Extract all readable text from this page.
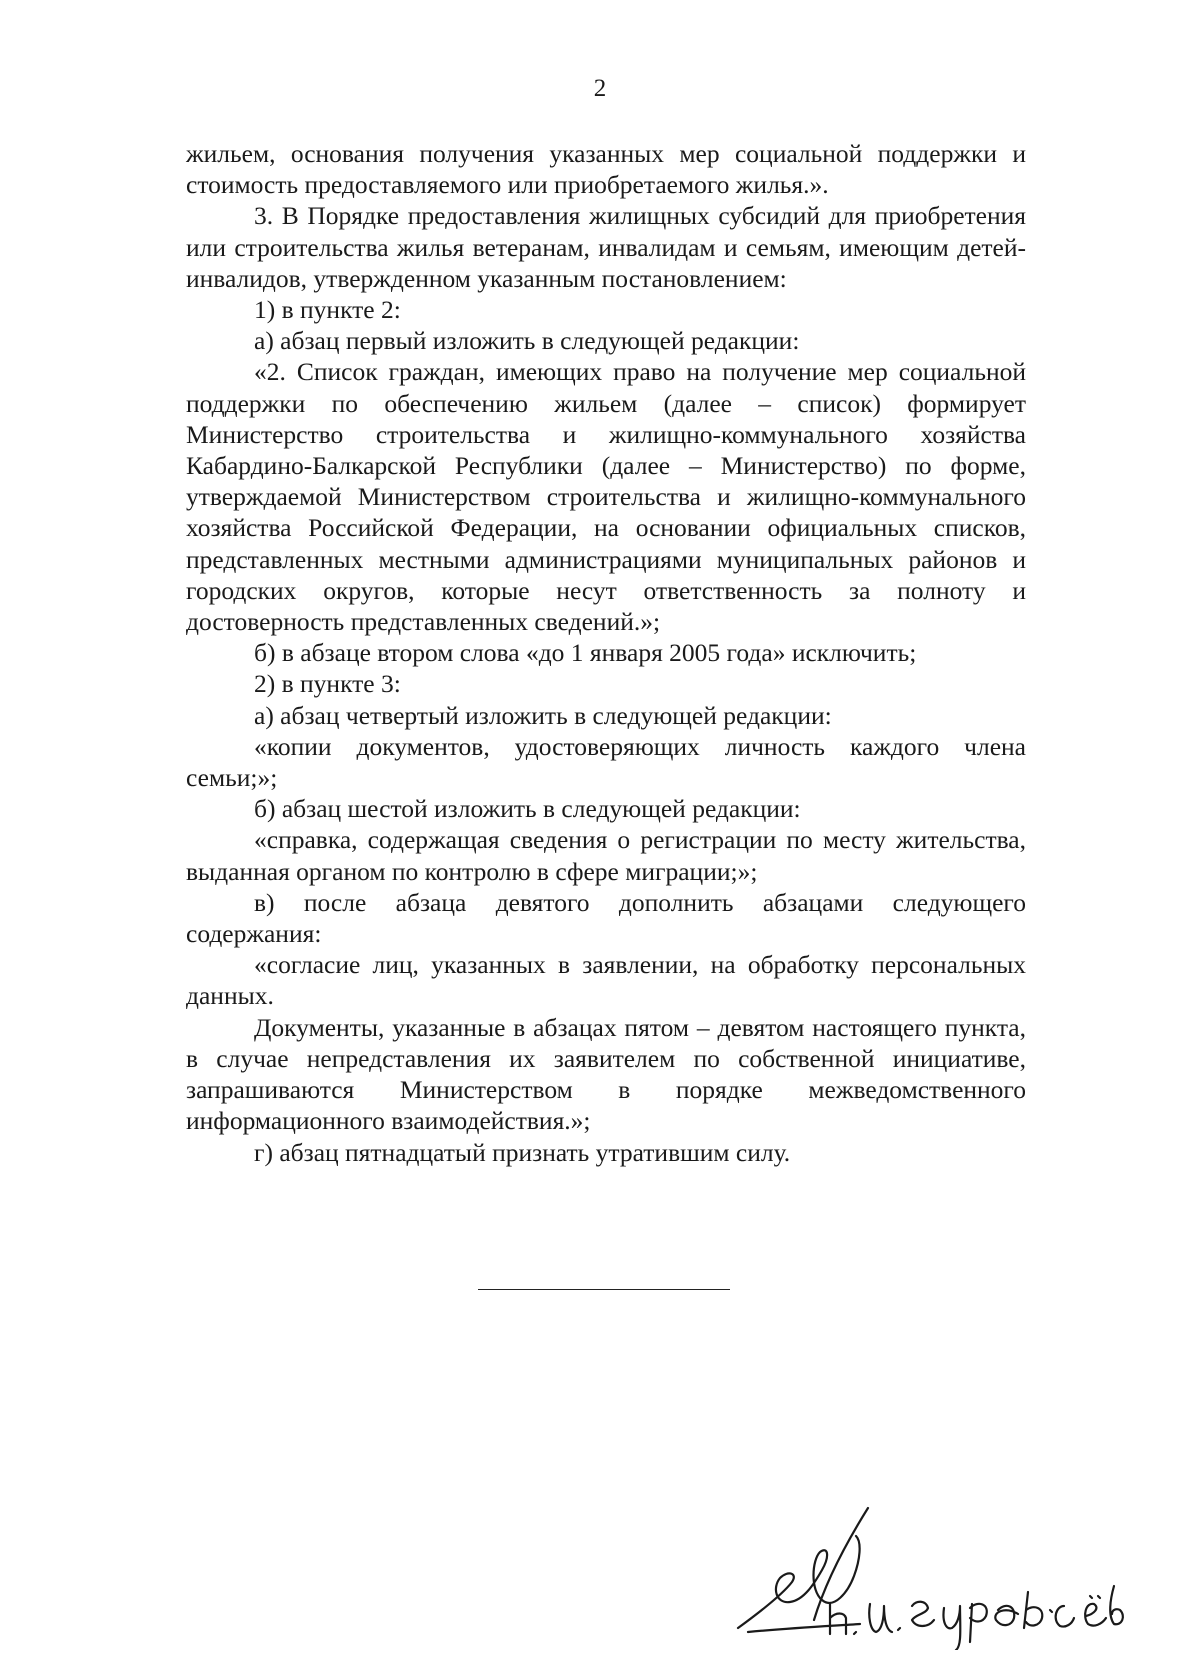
2

жильем, основания получения указанных мер социальной поддержки и стоимость предоставляемого или приобретаемого жилья.».

3. В Порядке предоставления жилищных субсидий для приобретения или строительства жилья ветеранам, инвалидам и семьям, имеющим детей-инвалидов, утвержденном указанным постановлением:

1) в пункте 2:

а) абзац первый изложить в следующей редакции:

«2. Список граждан, имеющих право на получение мер социальной поддержки по обеспечению жильем (далее – список) формирует Министерство строительства и жилищно-коммунального хозяйства Кабардино-Балкарской Республики (далее – Министерство) по форме, утверждаемой Министерством строительства и жилищно-коммунального хозяйства Российской Федерации, на основании официальных списков, представленных местными администрациями муниципальных районов и городских округов, которые несут ответственность за полноту и достоверность представленных сведений.»;

б) в абзаце втором слова «до 1 января 2005 года» исключить;

2) в пункте 3:

а) абзац четвертый изложить в следующей редакции:

«копии документов, удостоверяющих личность каждого члена семьи;»;

б) абзац шестой изложить в следующей редакции:

«справка, содержащая сведения о регистрации по месту жительства, выданная органом по контролю в сфере миграции;»;

в) после абзаца девятого дополнить абзацами следующего содержания:

«согласие лиц, указанных в заявлении, на обработку персональных данных.

Документы, указанные в абзацах пятом – девятом настоящего пункта, в случае непредставления их заявителем по собственной инициативе, запрашиваются Министерством в порядке межведомственного информационного взаимодействия.»;

г) абзац пятнадцатый признать утратившим силу.
